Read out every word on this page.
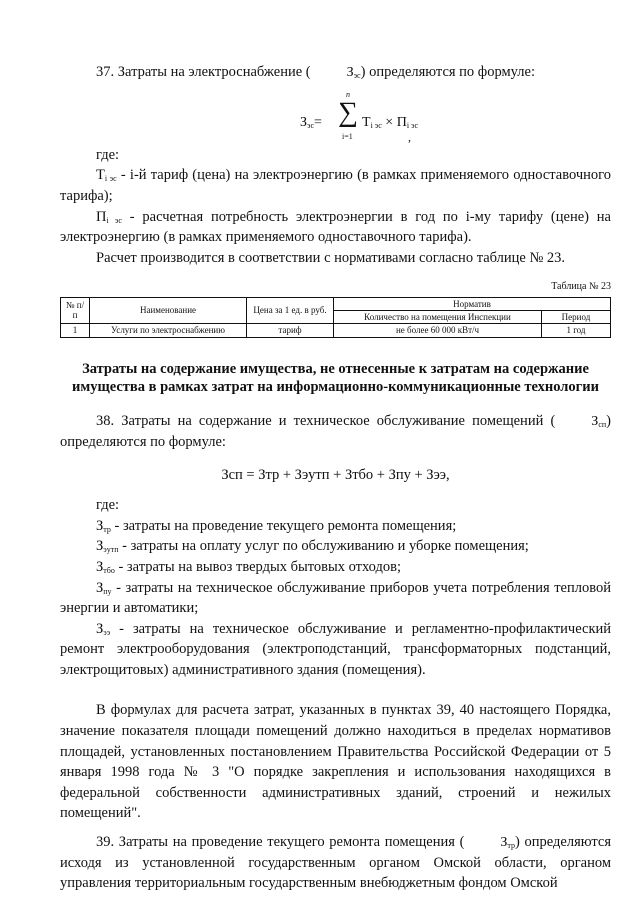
37. Затраты на электроснабжение (	$З_{эс}$) определяются по формуле:

$З_{эс}=$ ∑
n
i=1
$Т_{i эс} \times П_{i эс}$
,

где:

$Т_{i эс} - i-й$ тариф (цена) на электроэнергию (в рамках применяемого одноставочного тарифа);

$П_{i эс}$ - расчетная потребность электроэнергии в год по i-му тарифу (цене) на электроэнергию (в рамках применяемого одноставочного тарифа).

Расчет производится в соответствии с нормативами согласно таблице № 23.

Таблица № 23
№ п/п	Наименование	Цена за 1 ед. в руб.	Норматив	
			Количество на помещения Инспекции	Период
1	Услуги по электроснабжению	тариф	не более 60 000 кВт/ч	1 год
Затраты на содержание имущества, не отнесенные к затратам на содержание имущества в рамках затрат на информационно-коммуникационные технологии

38. Затраты на содержание и техническое обслуживание помещений (	$З_{сп}$) определяются по формуле:

Зсп = Зтр + Зэутп + Зтбо + Зпу + Зээ,

где:

$З_{тр}$ - затраты на проведение текущего ремонта помещения;

$З_{эутп}$ - затраты на оплату услуг по обслуживанию и уборке помещения;

$З_{тбо}$ - затраты на вывоз твердых бытовых отходов;

$З_{пу}$ - затраты на техническое обслуживание приборов учета потребления тепловой энергии и автоматики;

$З_{ээ}$ - затраты на техническое обслуживание и регламентно-профилактический ремонт электрооборудования (электроподстанций, трансформаторных подстанций, электрощитовых) административного здания (помещения).

В формулах для расчета затрат, указанных в пунктах 39, 40 настоящего Порядка, значение показателя площади помещений должно находиться в пределах нормативов площадей, установленных постановлением Правительства Российской Федерации от 5 января 1998 года № 3 "О порядке закрепления и использования находящихся в федеральной собственности административных зданий, строений и нежилых помещений".

39. Затраты на проведение текущего ремонта помещения (	$З_{тр}$) определяются исходя из установленной государственным органом Омской области, органом управления территориальным государственным внебюджетным фондом Омской
